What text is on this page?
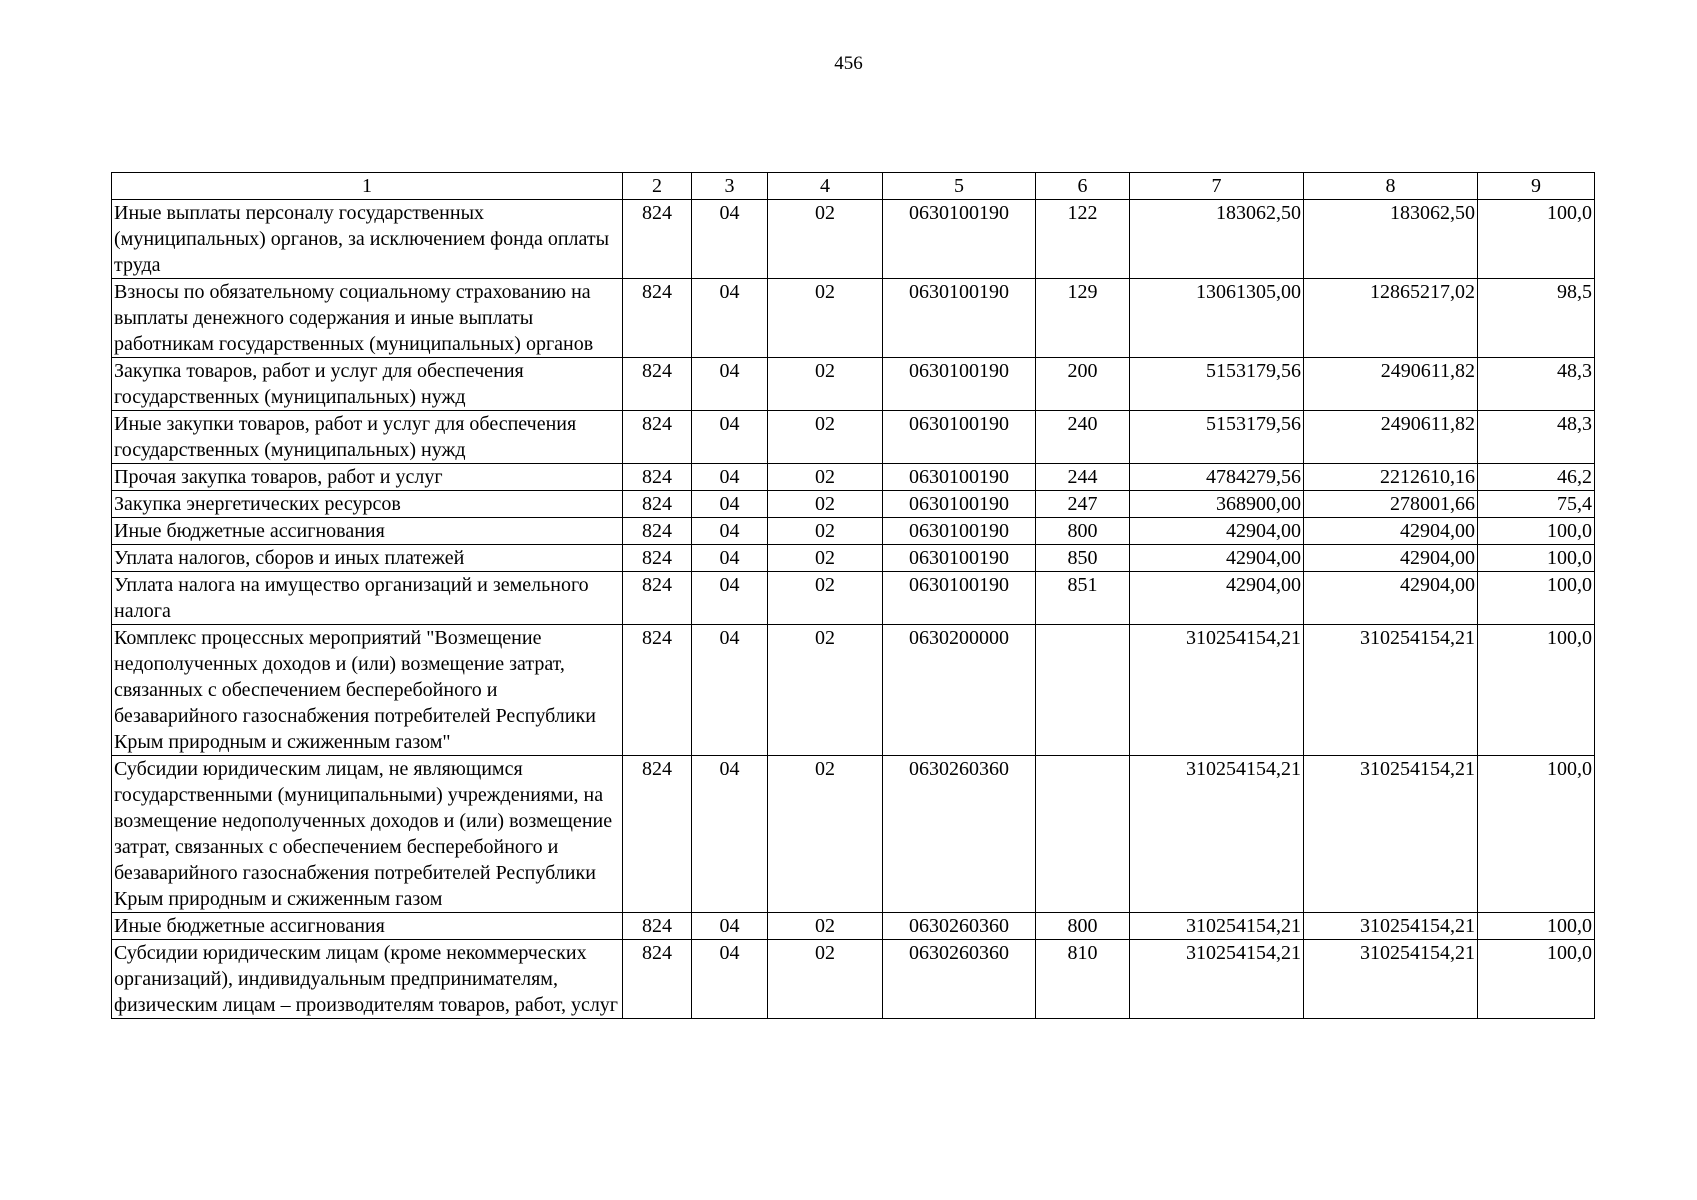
456
1	2	3	4	5	6	7	8	9
Иные выплаты персоналу государственных (муниципальных) органов, за исключением фонда оплаты труда	824	04	02	0630100190	122	183062,50	183062,50	100,0
Взносы по обязательному социальному страхованию на выплаты денежного содержания и иные выплаты работникам государственных (муниципальных) органов	824	04	02	0630100190	129	13061305,00	12865217,02	98,5
Закупка товаров, работ и услуг для обеспечения государственных (муниципальных) нужд	824	04	02	0630100190	200	5153179,56	2490611,82	48,3
Иные закупки товаров, работ и услуг для обеспечения государственных (муниципальных) нужд	824	04	02	0630100190	240	5153179,56	2490611,82	48,3
Прочая закупка товаров, работ и услуг	824	04	02	0630100190	244	4784279,56	2212610,16	46,2
Закупка энергетических ресурсов	824	04	02	0630100190	247	368900,00	278001,66	75,4
Иные бюджетные ассигнования	824	04	02	0630100190	800	42904,00	42904,00	100,0
Уплата налогов, сборов и иных платежей	824	04	02	0630100190	850	42904,00	42904,00	100,0
Уплата налога на имущество организаций и земельного налога	824	04	02	0630100190	851	42904,00	42904,00	100,0
Комплекс процессных мероприятий "Возмещение недополученных доходов и (или) возмещение затрат, связанных с обеспечением бесперебойного и безаварийного газоснабжения потребителей Республики Крым природным и сжиженным газом"	824	04	02	0630200000		310254154,21	310254154,21	100,0
Субсидии юридическим лицам, не являющимся государственными (муниципальными) учреждениями, на возмещение недополученных доходов и (или) возмещение затрат, связанных с обеспечением бесперебойного и безаварийного газоснабжения потребителей Республики Крым природным и сжиженным газом	824	04	02	0630260360		310254154,21	310254154,21	100,0
Иные бюджетные ассигнования	824	04	02	0630260360	800	310254154,21	310254154,21	100,0
Субсидии юридическим лицам (кроме некоммерческих организаций), индивидуальным предпринимателям, физическим лицам – производителям товаров, работ, услуг	824	04	02	0630260360	810	310254154,21	310254154,21	100,0
